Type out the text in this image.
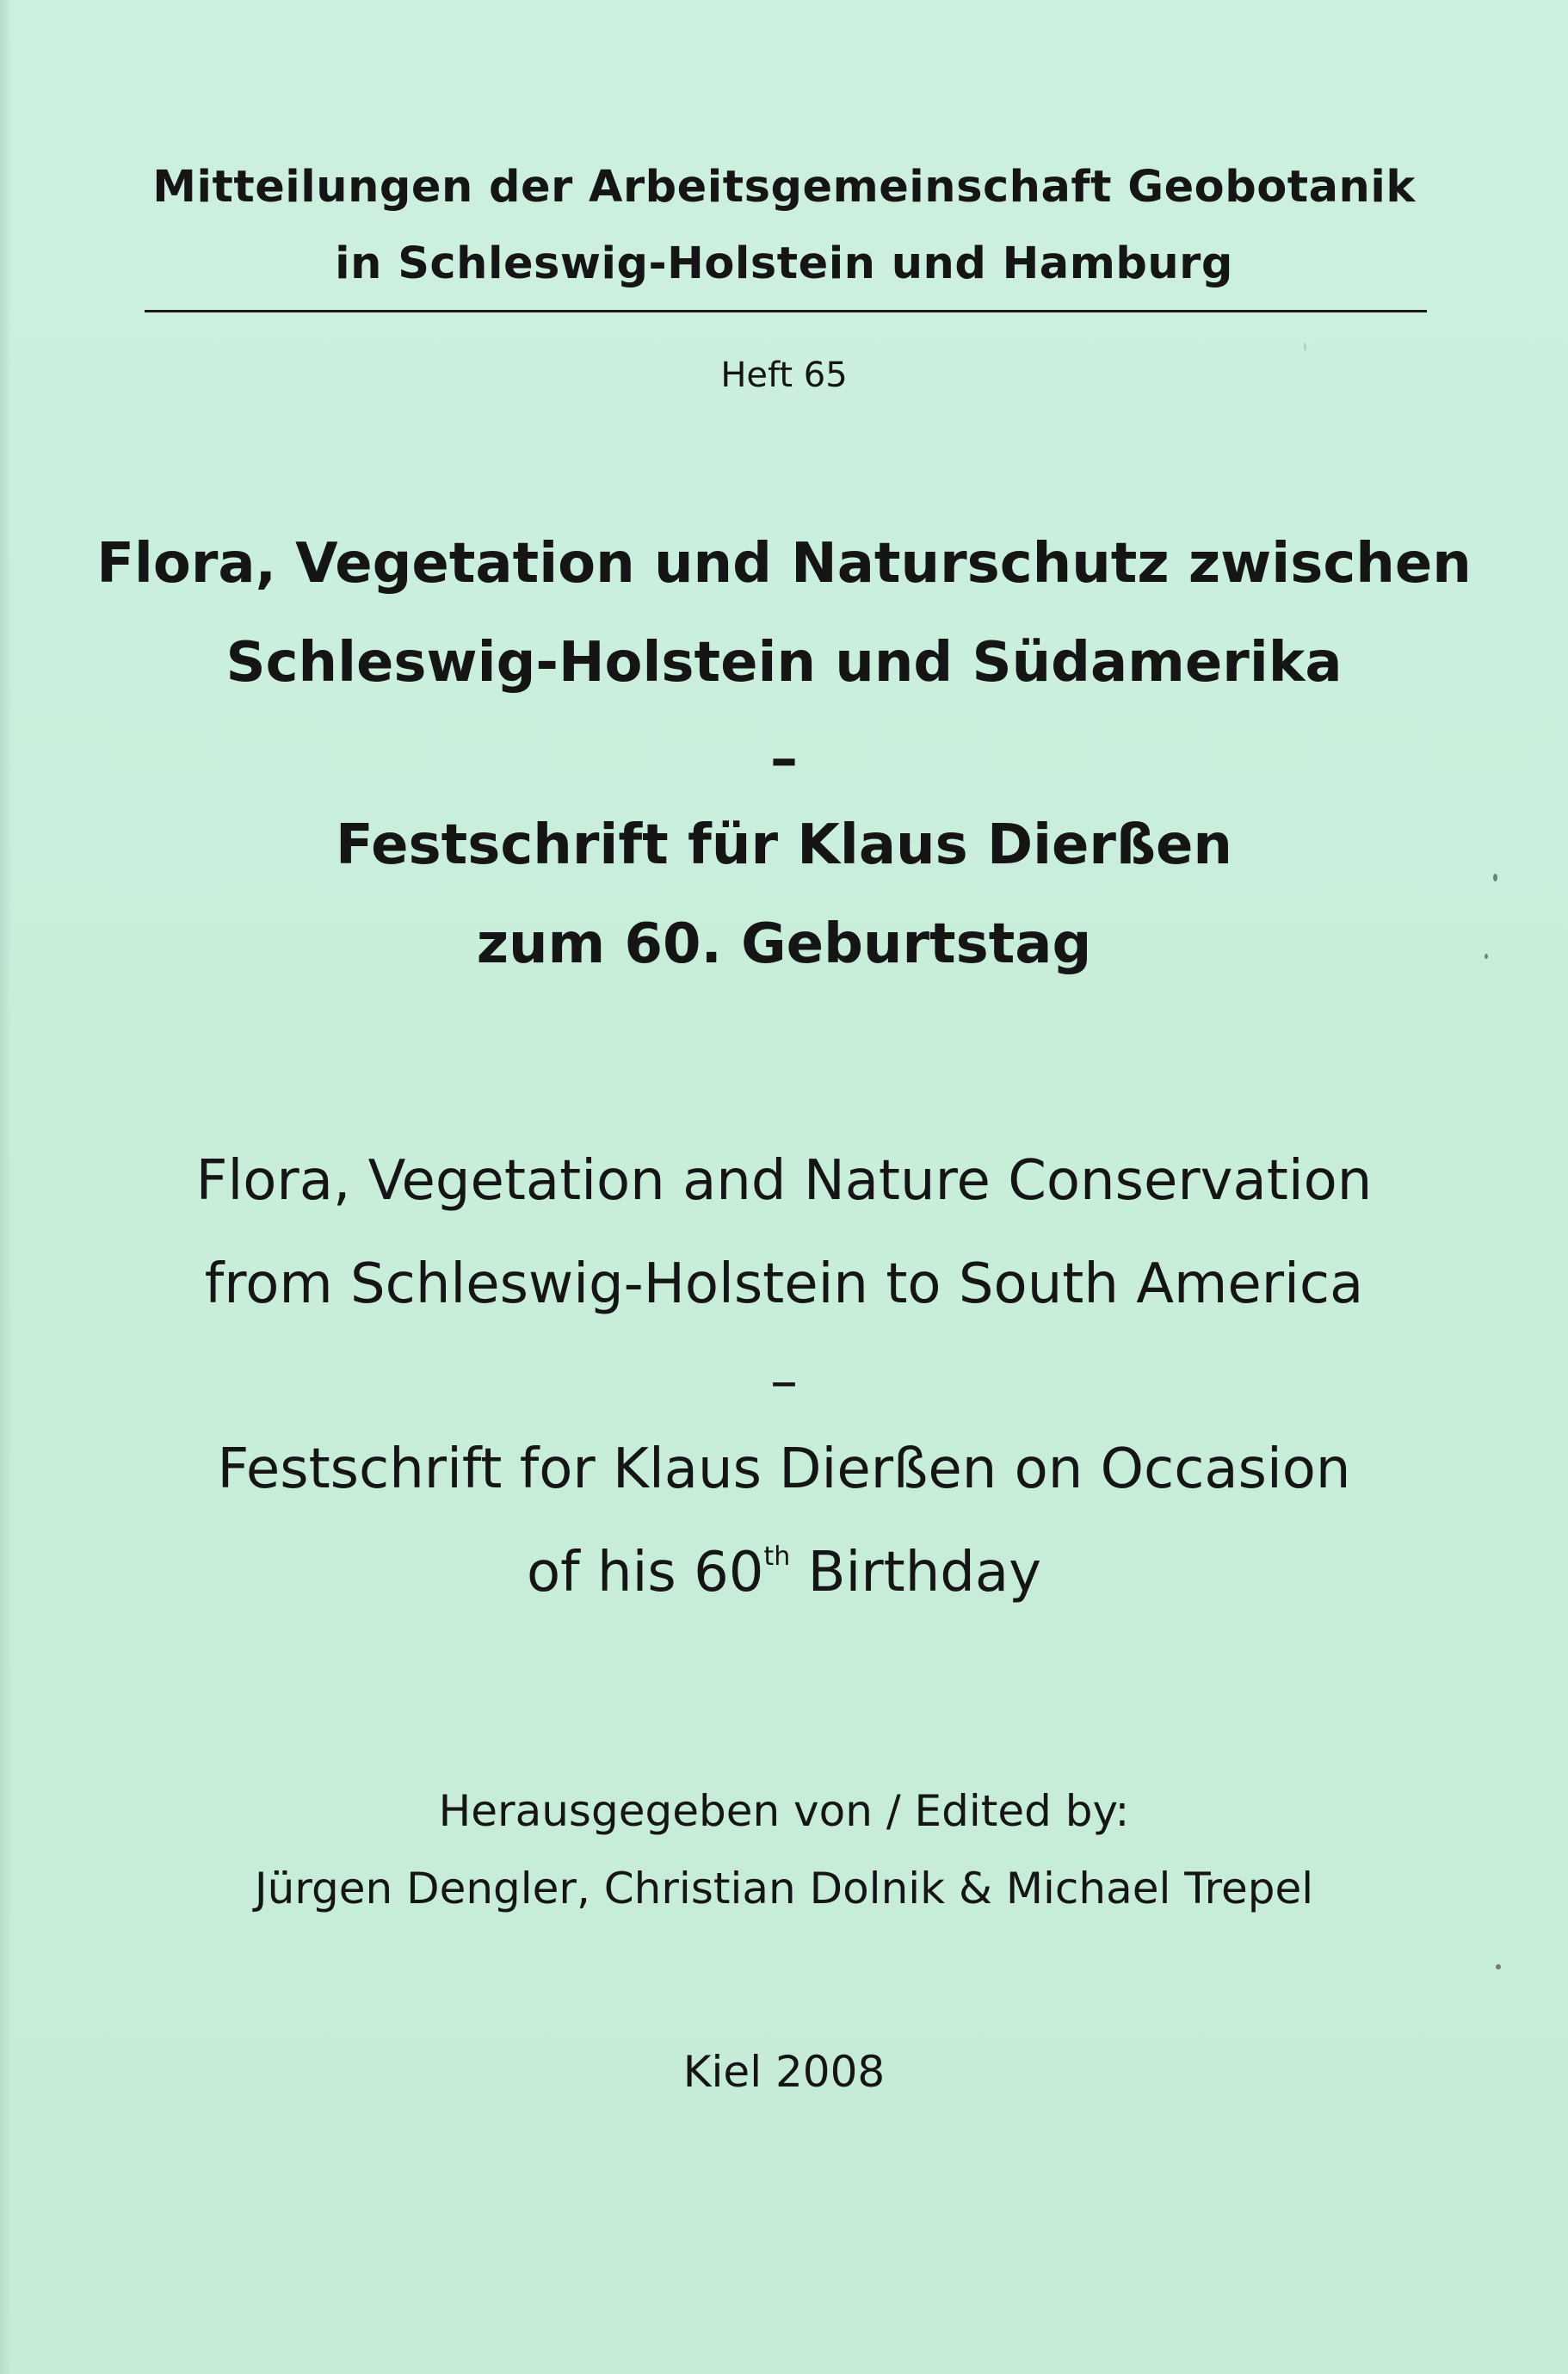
Mitteilungen der Arbeitsgemeinschaft Geobotanik
in Schleswig-Holstein und Hamburg
Heft 65
Flora, Vegetation und Naturschutz zwischen
Schleswig-Holstein und Südamerika
–
Festschrift für Klaus Dierßen
zum 60. Geburtstag
Flora, Vegetation and Nature Conservation
from Schleswig-Holstein to South America
–
Festschrift for Klaus Dierßen on Occasion
of his 60th Birthday
Herausgegeben von / Edited by:
Jürgen Dengler, Christian Dolnik & Michael Trepel
Kiel 2008
